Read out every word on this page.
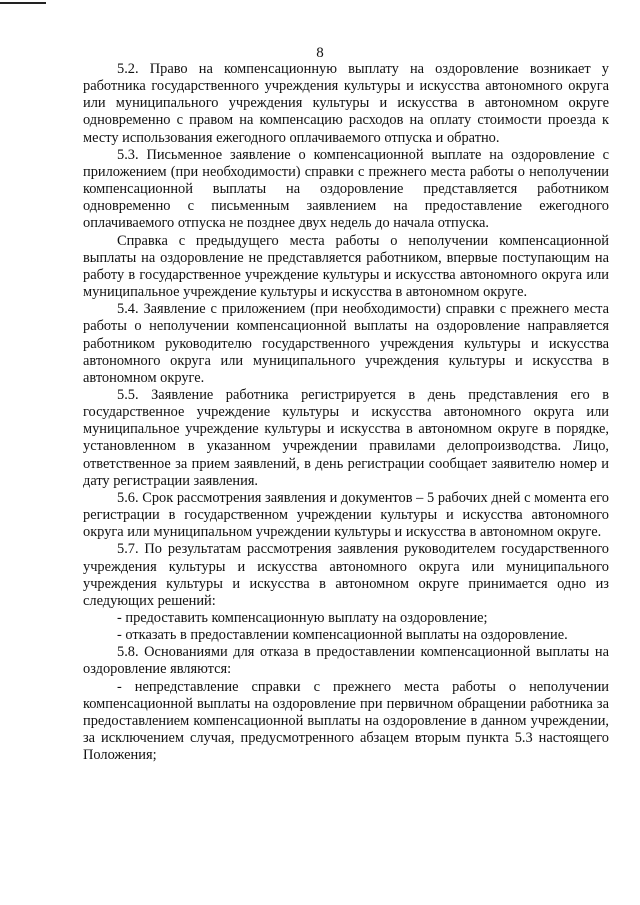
8

5.2. Право на компенсационную выплату на оздоровление возникает у работника государственного учреждения культуры и искусства автономного округа или муниципального учреждения культуры и искусства в автономном округе одновременно с правом на компенсацию расходов на оплату стоимости проезда к месту использования ежегодного оплачиваемого отпуска и обратно.

5.3. Письменное заявление о компенсационной выплате на оздоровление с приложением (при необходимости) справки с прежнего места работы о неполучении компенсационной выплаты на оздоровление представляется работником одновременно с письменным заявлением на предоставление ежегодного оплачиваемого отпуска не позднее двух недель до начала отпуска.

Справка с предыдущего места работы о неполучении компенсационной выплаты на оздоровление не представляется работником, впервые поступающим на работу в государственное учреждение культуры и искусства автономного округа или муниципальное учреждение культуры и искусства в автономном округе.

5.4. Заявление с приложением (при необходимости) справки с прежнего места работы о неполучении компенсационной выплаты на оздоровление направляется работником руководителю государственного учреждения культуры и искусства автономного округа или муниципального учреждения культуры и искусства в автономном округе.

5.5. Заявление работника регистрируется в день представления его в государственное учреждение культуры и искусства автономного округа или муниципальное учреждение культуры и искусства в автономном округе в порядке, установленном в указанном учреждении правилами делопроизводства. Лицо, ответственное за прием заявлений, в день регистрации сообщает заявителю номер и дату регистрации заявления.

5.6. Срок рассмотрения заявления и документов – 5 рабочих дней с момента его регистрации в государственном учреждении культуры и искусства автономного округа или муниципальном учреждении культуры и искусства в автономном округе.

5.7. По результатам рассмотрения заявления руководителем государственного учреждения культуры и искусства автономного округа или муниципального учреждения культуры и искусства в автономном округе принимается одно из следующих решений:

- предоставить компенсационную выплату на оздоровление;

- отказать в предоставлении компенсационной выплаты на оздоровление.

5.8. Основаниями для отказа в предоставлении компенсационной выплаты на оздоровление являются:

- непредставление справки с прежнего места работы о неполучении компенсационной выплаты на оздоровление при первичном обращении работника за предоставлением компенсационной выплаты на оздоровление в данном учреждении, за исключением случая, предусмотренного абзацем вторым пункта 5.3 настоящего Положения;
